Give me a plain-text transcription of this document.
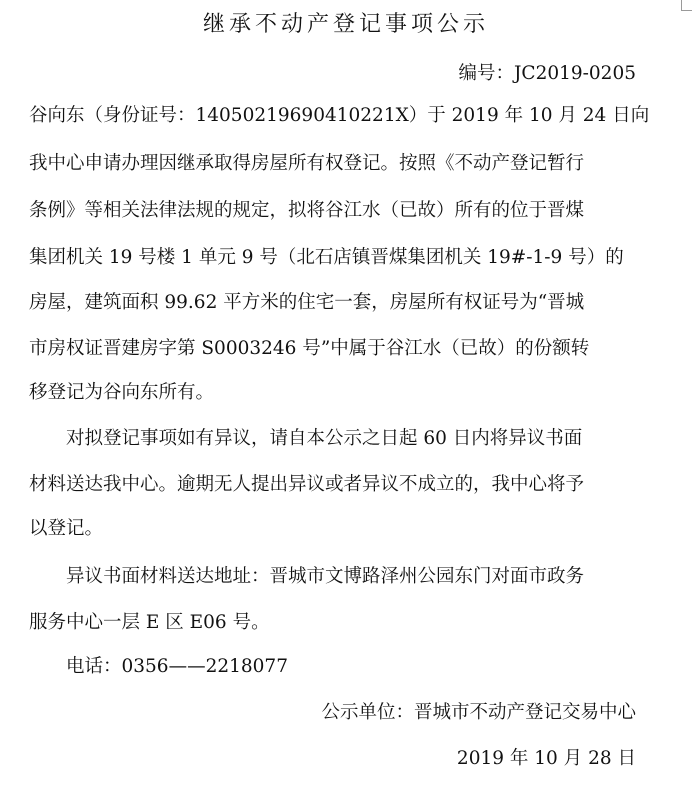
继承不动产登记事项公示
编号：JC2019-0205
谷向东（身份证号：14050219690410221X）于 2019 年 10 月 24 日向
我中心申请办理因继承取得房屋所有权登记。按照《不动产登记暂行
条例》等相关法律法规的规定，拟将谷江水（已故）所有的位于晋煤
集团机关 19 号楼 1 单元 9 号（北石店镇晋煤集团机关 19#-1-9 号）的
房屋，建筑面积 99.62 平方米的住宅一套，房屋所有权证号为“晋城
市房权证晋建房字第 S0003246 号”中属于谷江水（已故）的份额转
移登记为谷向东所有。
　　对拟登记事项如有异议，请自本公示之日起 60 日内将异议书面
材料送达我中心。逾期无人提出异议或者异议不成立的，我中心将予
以登记。
　　异议书面材料送达地址：晋城市文博路泽州公园东门对面市政务
服务中心一层 E 区 E06 号。
　　电话：0356——2218077
公示单位：晋城市不动产登记交易中心
2019 年 10 月 28 日
